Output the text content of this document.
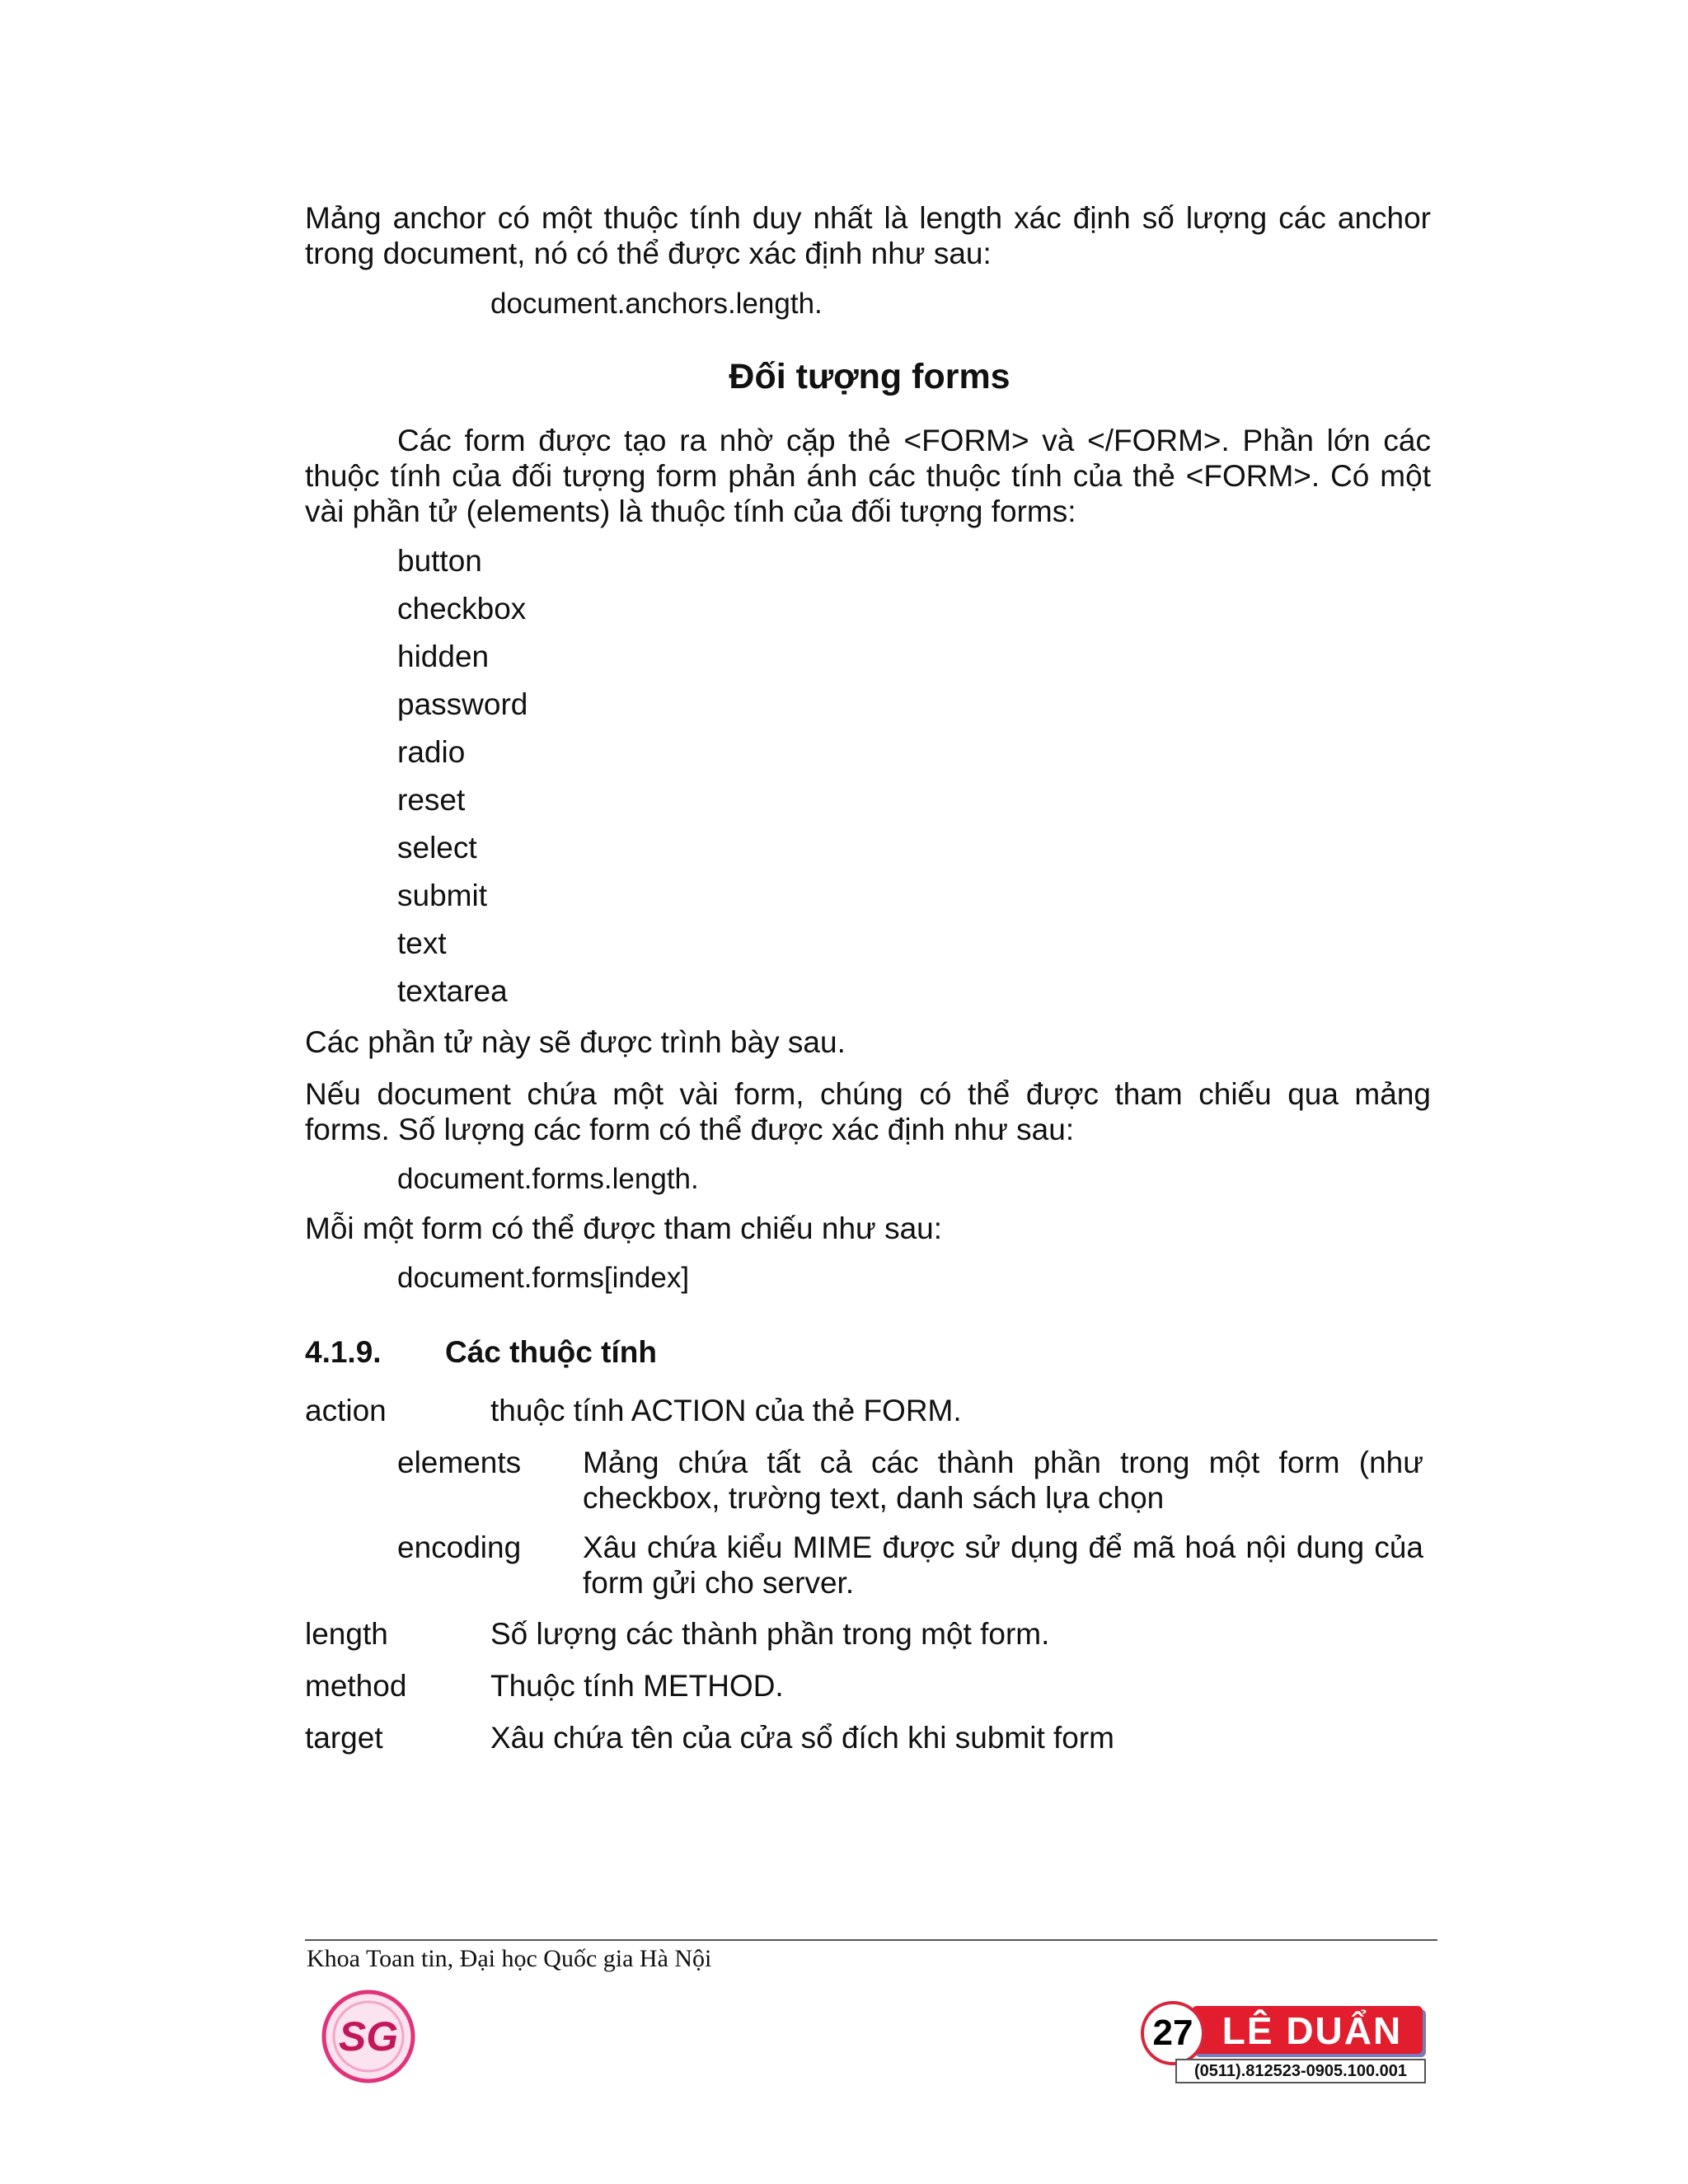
Mảng anchor có một thuộc tính duy nhất là length xác định số lượng các anchor

trong document, nó có thể được xác định như sau:

document.anchors.length.

Đối tượng forms

Các form được tạo ra nhờ cặp thẻ <FORM> và </FORM>. Phần lớn các

thuộc tính của đối tượng form phản ánh các thuộc tính của thẻ <FORM>. Có một

vài phần tử (elements) là thuộc tính của đối tượng forms:

button

checkbox

hidden

password

radio

reset

select

submit

text

textarea

Các phần tử này sẽ được trình bày sau.

Nếu document chứa một vài form, chúng có thể được tham chiếu qua mảng

forms. Số lượng các form có thể được xác định như sau:

document.forms.length.

Mỗi một form có thể được tham chiếu như sau:

document.forms[index]

4.1.9. Các thuộc tính

action	thuộc tính ACTION của thẻ FORM.

elements Mảng chứa tất cả các thành phần trong một form (như

checkbox, trường text, danh sách lựa chọn

encoding Xâu chứa kiểu MIME được sử dụng để mã hoá nội dung của

form gửi cho server.

length	Số lượng các thành phần trong một form.

method	Thuộc tính METHOD.

target	Xâu chứa tên của cửa sổ đích khi submit form

Khoa Toan tin, Đại học Quốc gia Hà Nội
SG	27 LÊ DUẨN
(0511).812523-0905.100.001
